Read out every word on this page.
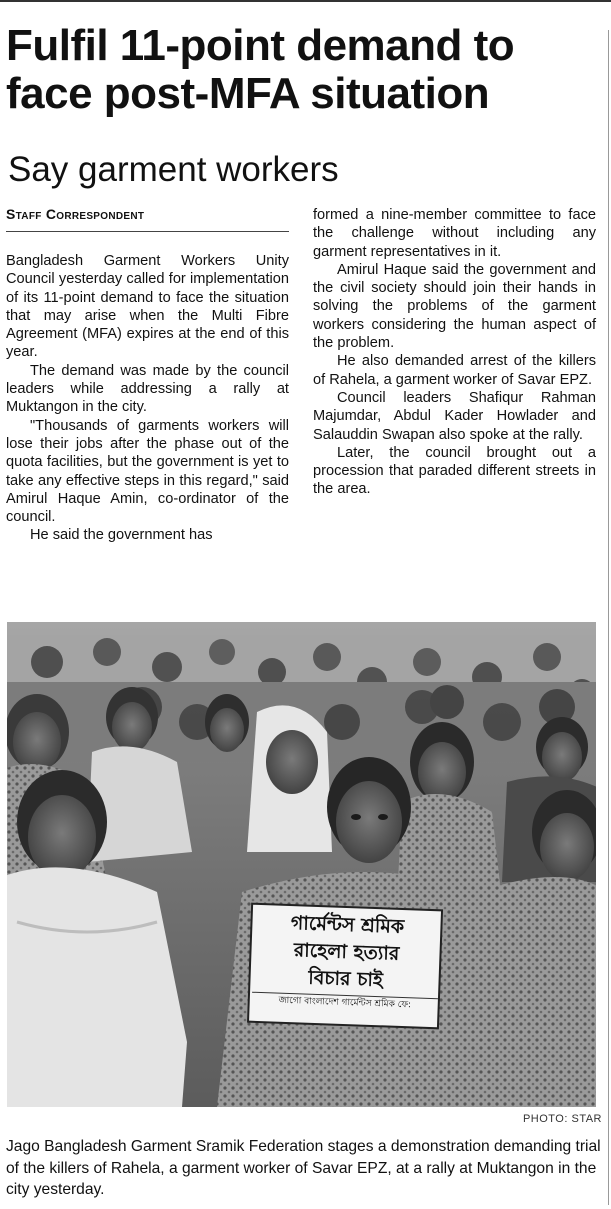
Fulfil 11-point demand to face post-MFA situation
Say garment workers
Staff Correspondent

Bangladesh Garment Workers Unity Council yesterday called for implementation of its 11-point demand to face the situation that may arise when the Multi Fibre Agreement (MFA) expires at the end of this year.

The demand was made by the council leaders while addressing a rally at Muktangon in the city.

"Thousands of garments workers will lose their jobs after the phase out of the quota facilities, but the government is yet to take any effective steps in this regard," said Amirul Haque Amin, co-ordinator of the council.

He said the government has

formed a nine-member committee to face the challenge without including any garment representatives in it.

Amirul Haque said the government and the civil society should join their hands in solving the problems of the garment workers considering the human aspect of the problem.

He also demanded arrest of the killers of Rahela, a garment worker of Savar EPZ.

Council leaders Shafiqur Rahman Majumdar, Abdul Kader Howlader and Salauddin Swapan also spoke at the rally.

Later, the council brought out a procession that paraded different streets in the area.

গার্মেন্টস শ্রমিক
রাহেলা হত্যার
বিচার চাই
জাগো বাংলাদেশ গার্মেন্টস শ্রমিক ফে:
PHOTO: STAR
Jago Bangladesh Garment Sramik Federation stages a demonstration demanding trial of the killers of Rahela, a garment worker of Savar EPZ, at a rally at Muktangon in the city yesterday.
